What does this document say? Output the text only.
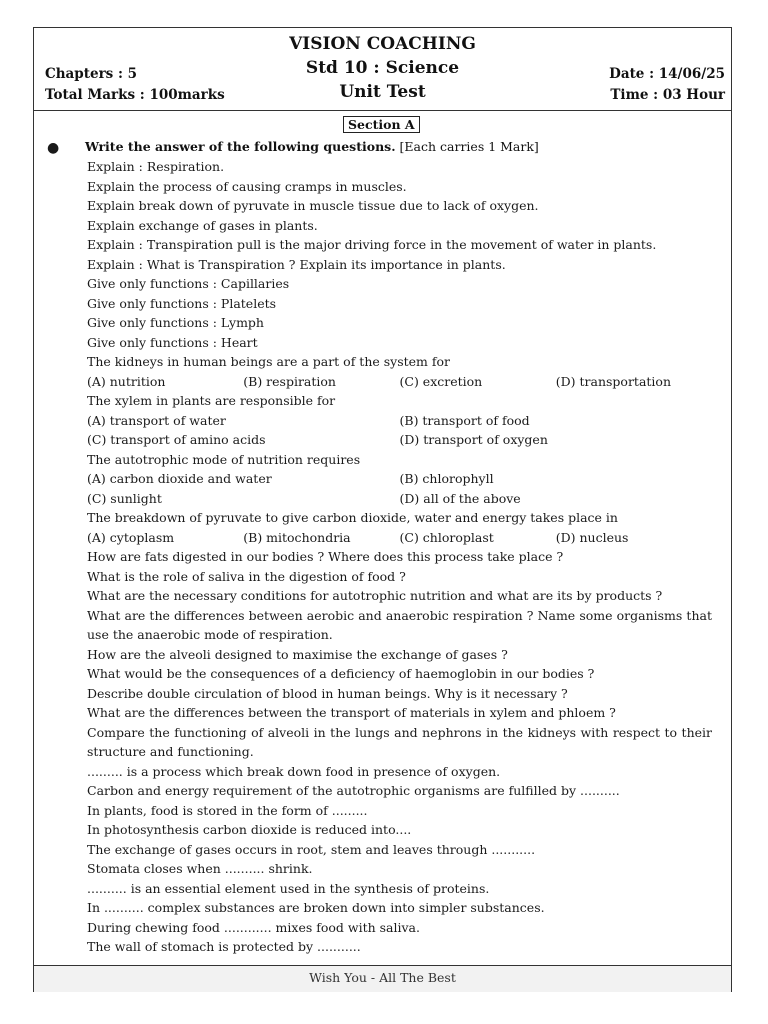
VISION COACHING
Std 10 : Science
Unit Test
Chapters : 5
Total Marks : 100marks
Date : 14/06/25
Time : 03 Hour
Section A
● Write the answer of the following questions. [Each carries 1 Mark]
Explain : Respiration.
Explain the process of causing cramps in muscles.
Explain break down of pyruvate in muscle tissue due to lack of oxygen.
Explain exchange of gases in plants.
Explain : Transpiration pull is the major driving force in the movement of water in plants.
Explain : What is Transpiration ? Explain its importance in plants.
Give only functions : Capillaries
Give only functions : Platelets
Give only functions : Lymph
Give only functions : Heart
The kidneys in human beings are a part of the system for
(A) nutrition	(B) respiration	(C) excretion	(D) transportation
The xylem in plants are responsible for
(A) transport of water	(B) transport of food
(C) transport of amino acids	(D) transport of oxygen
The autotrophic mode of nutrition requires
(A) carbon dioxide and water	(B) chlorophyll
(C) sunlight	(D) all of the above
The breakdown of pyruvate to give carbon dioxide, water and energy takes place in
(A) cytoplasm	(B) mitochondria	(C) chloroplast	(D) nucleus
How are fats digested in our bodies ? Where does this process take place ?
What is the role of saliva in the digestion of food ?
What are the necessary conditions for autotrophic nutrition and what are its by products ?
What are the differences between aerobic and anaerobic respiration ? Name some organisms that use the anaerobic mode of respiration.
How are the alveoli designed to maximise the exchange of gases ?
What would be the consequences of a deficiency of haemoglobin in our bodies ?
Describe double circulation of blood in human beings. Why is it necessary ?
What are the differences between the transport of materials in xylem and phloem ?
Compare the functioning of alveoli in the lungs and nephrons in the kidneys with respect to their structure and functioning.
......... is a process which break down food in presence of oxygen.
Carbon and energy requirement of the autotrophic organisms are fulfilled by ..........
In plants, food is stored in the form of .........
In photosynthesis carbon dioxide is reduced into....
The exchange of gases occurs in root, stem and leaves through ...........
Stomata closes when .......... shrink.
.......... is an essential element used in the synthesis of proteins.
In .......... complex substances are broken down into simpler substances.
During chewing food ............ mixes food with saliva.
The wall of stomach is protected by ...........
Wish You - All The Best
